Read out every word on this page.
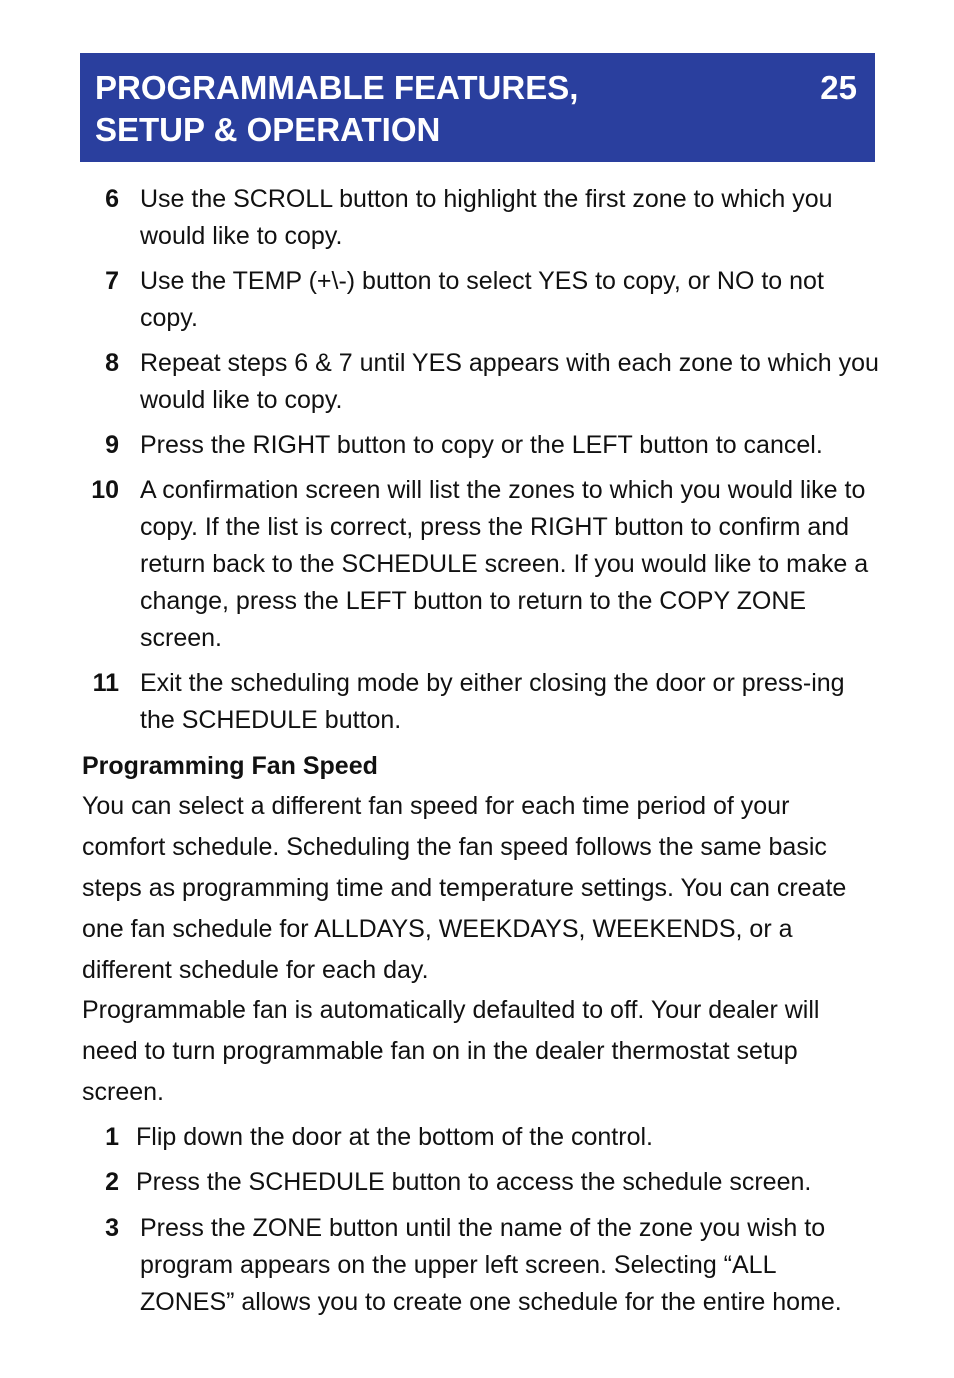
PROGRAMMABLE FEATURES,
SETUP & OPERATION
25
6 Use the SCROLL button to highlight the first zone to which you would like to copy.
7 Use the TEMP (+\-) button to select YES to copy, or NO to not copy.
8 Repeat steps 6 & 7 until YES appears with each zone to which you would like to copy.
9 Press the RIGHT button to copy or the LEFT button to cancel.
10 A confirmation screen will list the zones to which you would like to copy. If the list is correct, press the RIGHT button to confirm and return back to the SCHEDULE screen. If you would like to make a change, press the LEFT button to return to the COPY ZONE screen.
11 Exit the scheduling mode by either closing the door or press-ing the SCHEDULE button.
Programming Fan Speed
You can select a different fan speed for each time period of your comfort schedule. Scheduling the fan speed follows the same basic steps as programming time and temperature settings. You can create one fan schedule for ALLDAYS, WEEKDAYS, WEEKENDS, or a different schedule for each day.
Programmable fan is automatically defaulted to off. Your dealer will need to turn programmable fan on in the dealer thermostat setup screen.
1 Flip down the door at the bottom of the control.
2 Press the SCHEDULE button to access the schedule screen.
3 Press the ZONE button until the name of the zone you wish to program appears on the upper left screen. Selecting “ALL ZONES” allows you to create one schedule for the entire home.
